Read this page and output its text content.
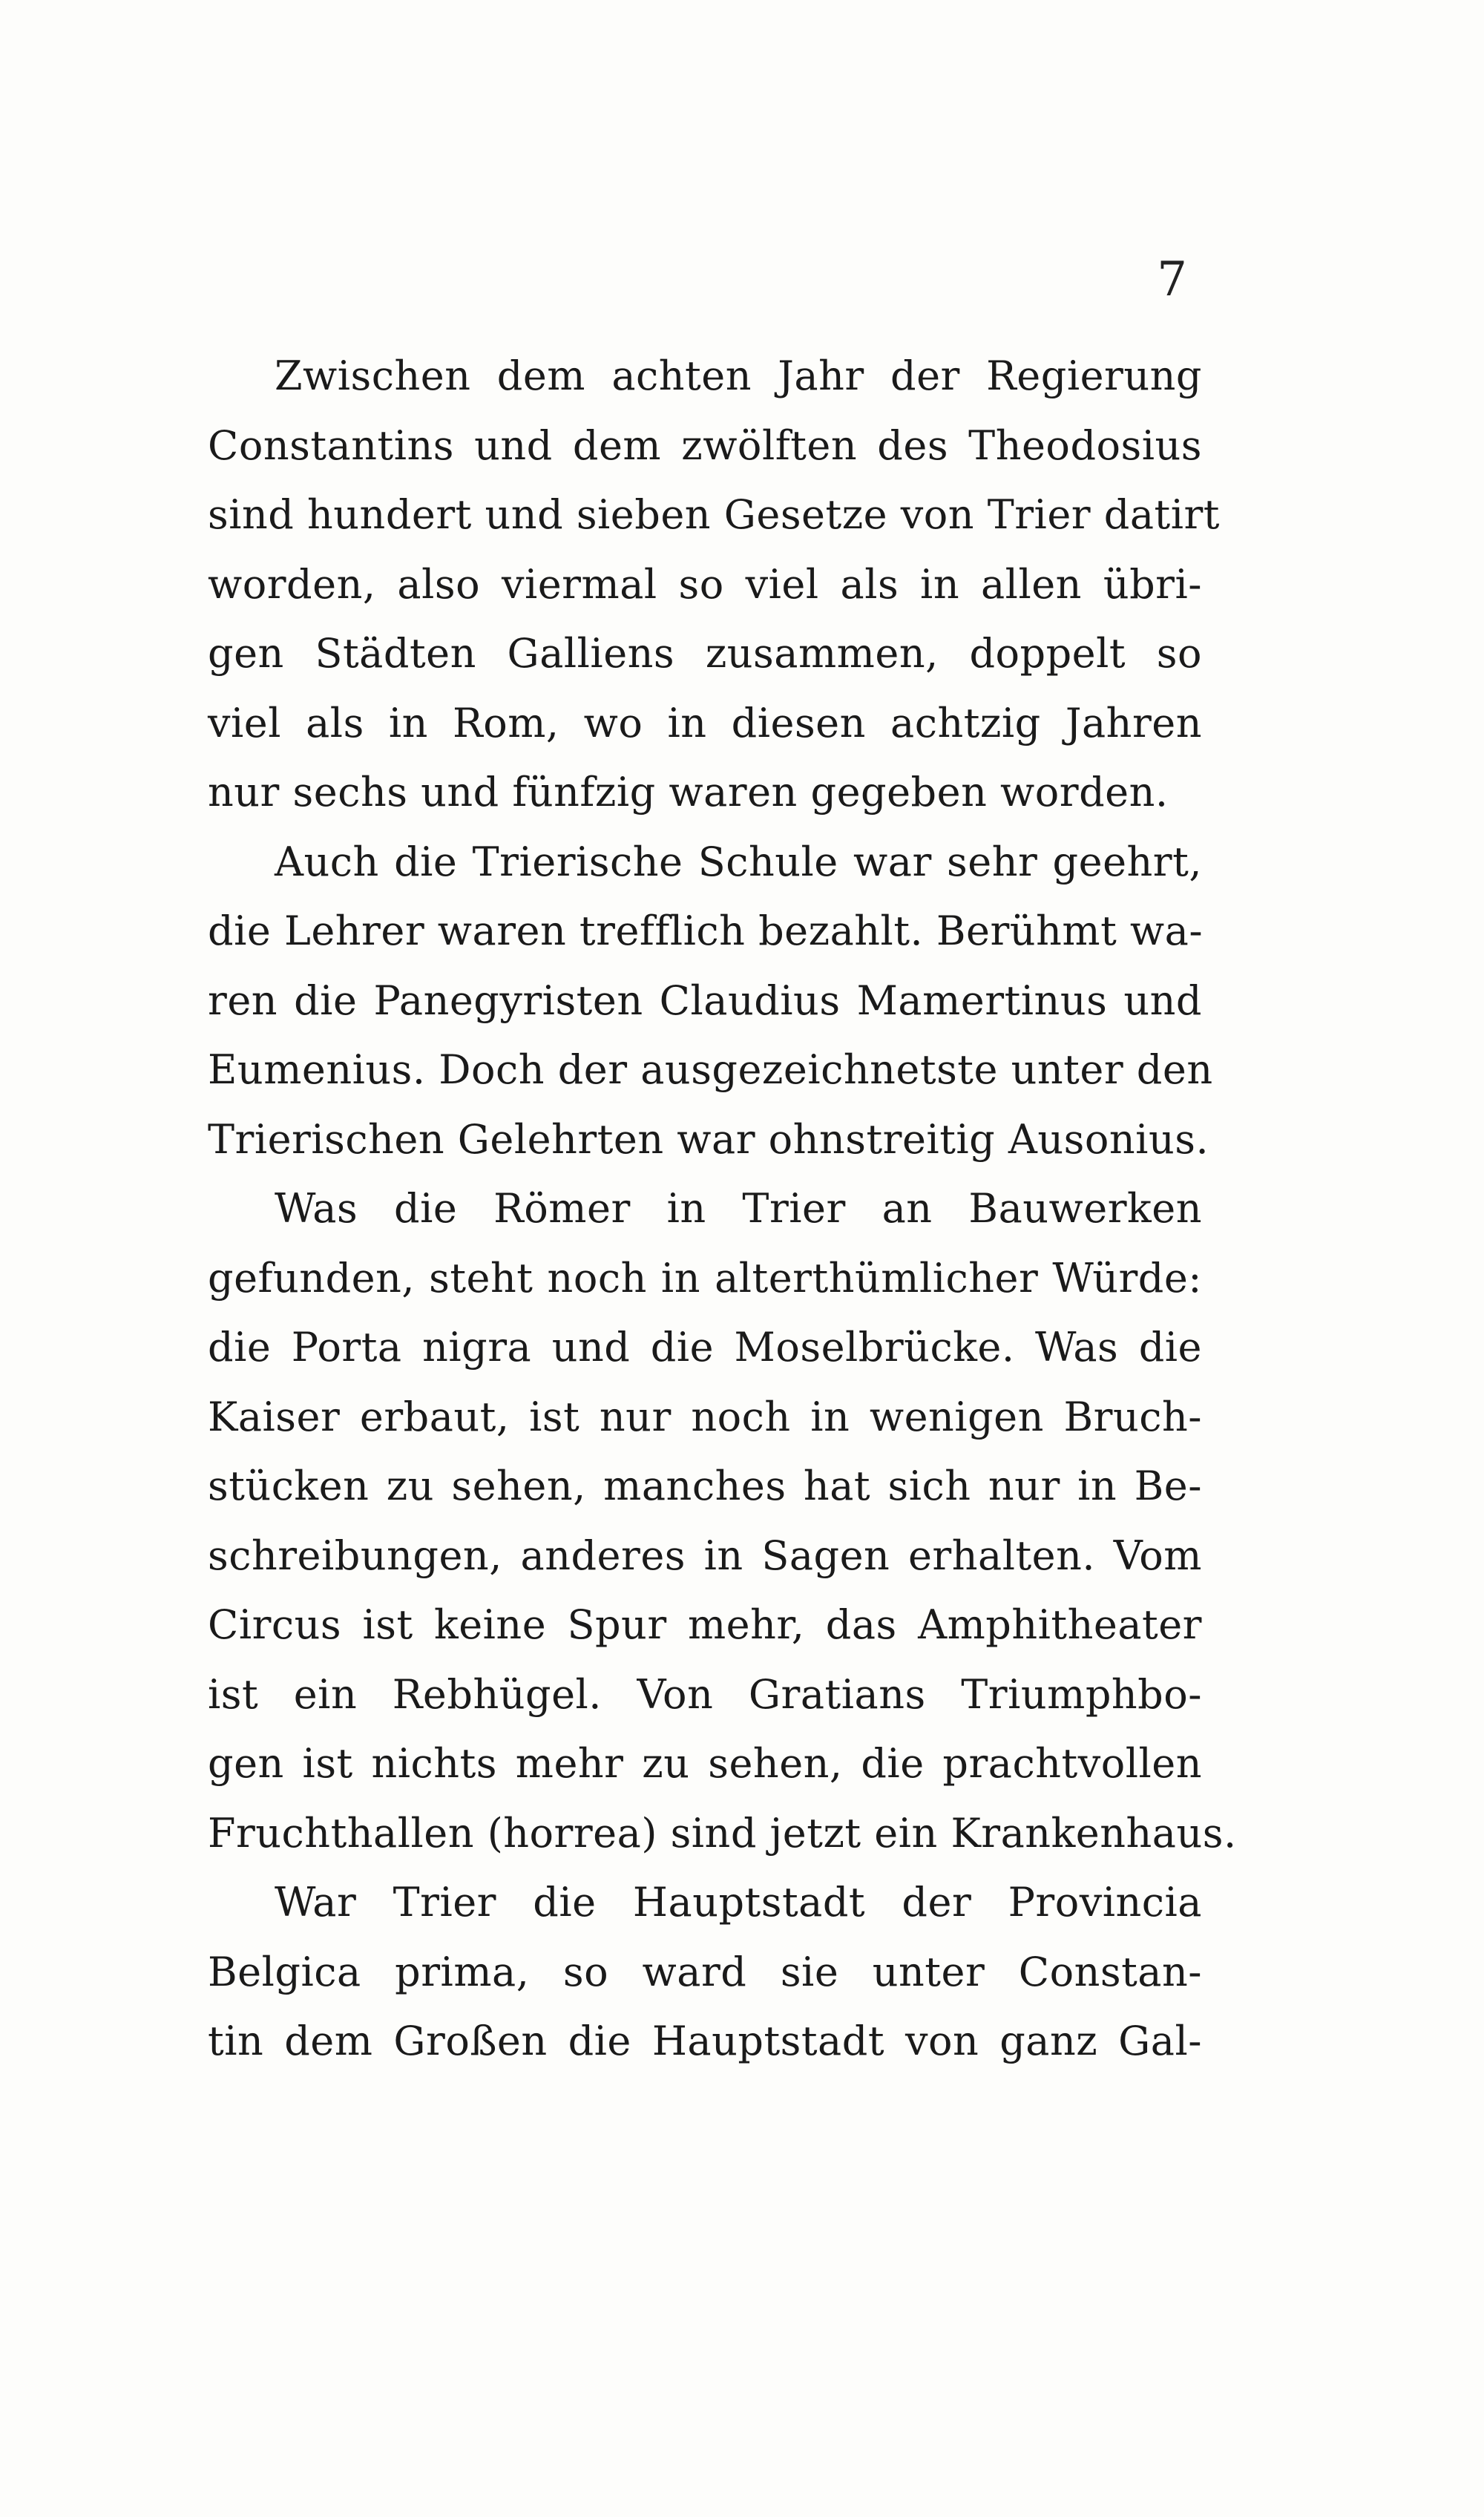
7
Zwischen dem achten Jahr der Regierung
Constantins und dem zwölften des Theodosius
sind hundert und sieben Gesetze von Trier datirt
worden, also viermal so viel als in allen übri-
gen Städten Galliens zusammen, doppelt so
viel als in Rom, wo in diesen achtzig Jahren
nur sechs und fünfzig waren gegeben worden.
Auch die Trierische Schule war sehr geehrt,
die Lehrer waren trefflich bezahlt. Berühmt wa-
ren die Panegyristen Claudius Mamertinus und
Eumenius. Doch der ausgezeichnetste unter den
Trierischen Gelehrten war ohnstreitig Ausonius.
Was die Römer in Trier an Bauwerken
gefunden, steht noch in alterthümlicher Würde:
die Porta nigra und die Moselbrücke. Was die
Kaiser erbaut, ist nur noch in wenigen Bruch-
stücken zu sehen, manches hat sich nur in Be-
schreibungen, anderes in Sagen erhalten. Vom
Circus ist keine Spur mehr, das Amphitheater
ist ein Rebhügel. Von Gratians Triumphbo-
gen ist nichts mehr zu sehen, die prachtvollen
Fruchthallen (horrea) sind jetzt ein Krankenhaus.
War Trier die Hauptstadt der Provincia
Belgica prima, so ward sie unter Constan-
tin dem Großen die Hauptstadt von ganz Gal-
